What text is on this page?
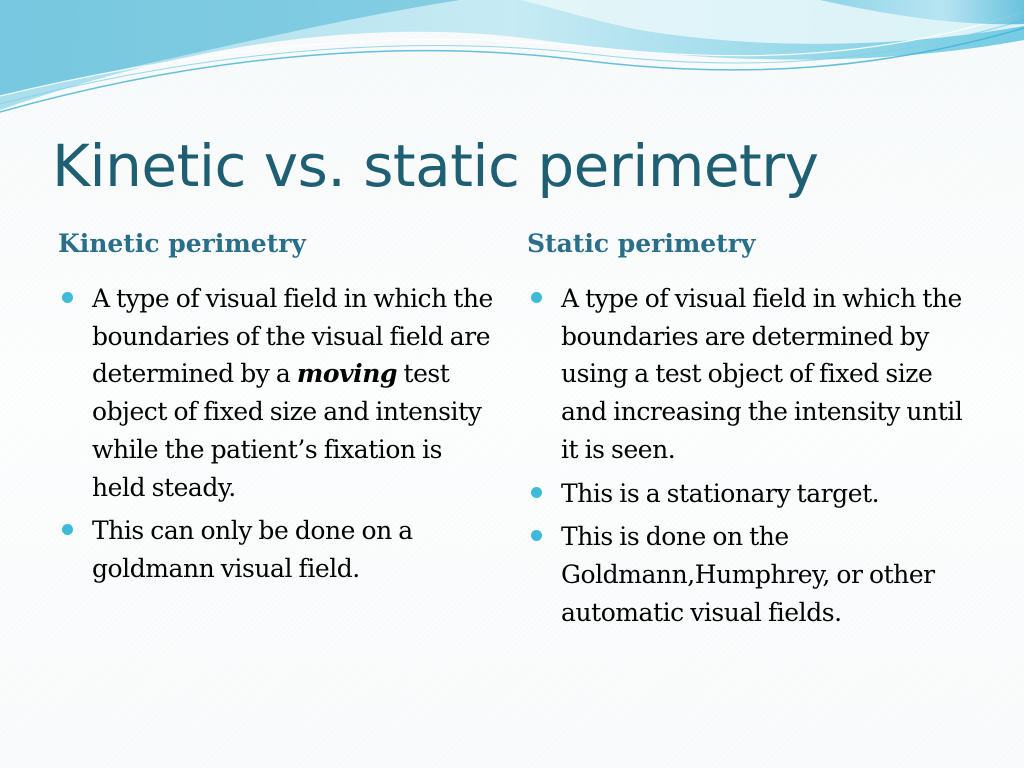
Kinetic vs. static perimetry
Kinetic perimetry
A type of visual field in which the boundaries of the visual field are determined by a moving test object of fixed size and intensity while the patient’s fixation is held steady.
This can only be done on a goldmann visual field.
Static perimetry
A type of visual field in which the boundaries are determined by using a test object of fixed size and increasing the intensity until it is seen.
This is a stationary target.
This is done on the Goldmann,Humphrey, or other automatic visual fields.
